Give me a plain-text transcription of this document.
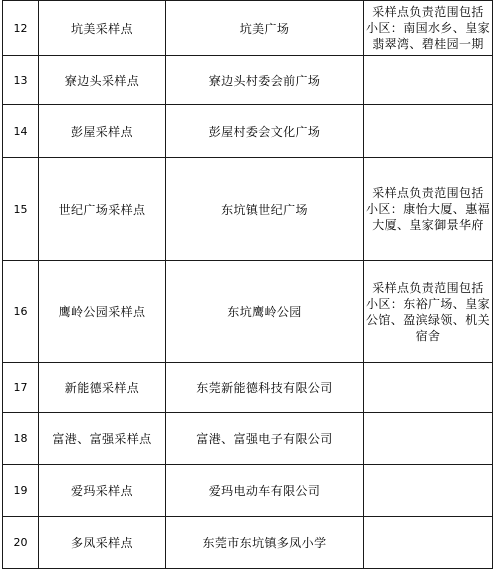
12	坑美采样点	坑美广场	采样点负责范围包括
小区：南国水乡、皇家
翡翠湾、碧桂园一期

13	寮边头采样点	寮边头村委会前广场	
14	彭屋采样点	彭屋村委会文化广场	
15	世纪广场采样点	东坑镇世纪广场	采样点负责范围包括
小区：康怡大厦、惠福
大厦、皇家御景华府

16	鹰岭公园采样点	东坑鹰岭公园	采样点负责范围包括
小区：东裕广场、皇家
公馆、盈滨绿领、机关
宿舍

17	新能德采样点	东莞新能德科技有限公司	
18	富港、富强采样点	富港、富强电子有限公司	
19	爱玛采样点	爱玛电动车有限公司	
20	多凤采样点	东莞市东坑镇多凤小学	
